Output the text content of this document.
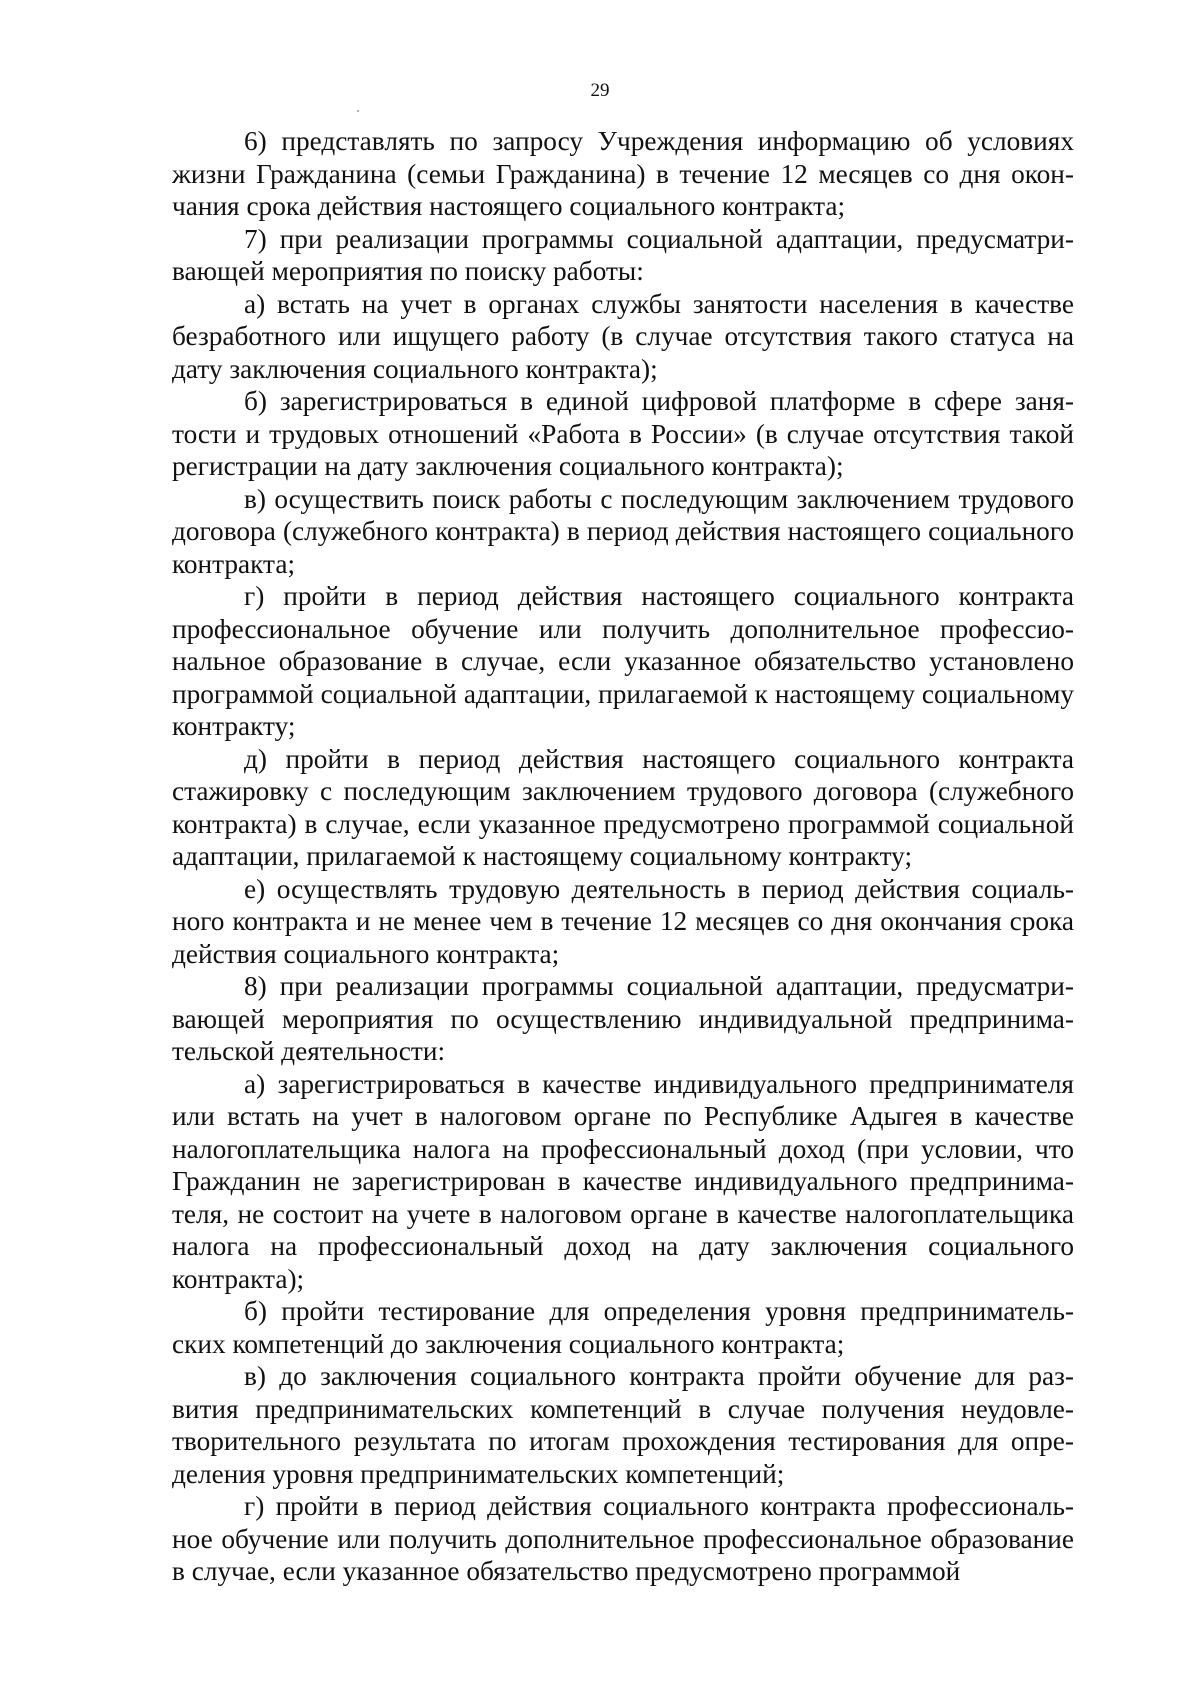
29

6) представлять по запросу Учреждения информацию об условиях жизни Гражданина (семьи Гражданина) в течение 12 месяцев со дня окончания срока действия настоящего социального контракта;

7) при реализации программы социальной адаптации, предусматривающей мероприятия по поиску работы:

а) встать на учет в органах службы занятости населения в качестве безработного или ищущего работу (в случае отсутствия такого статуса на дату заключения социального контракта);

б) зарегистрироваться в единой цифровой платформе в сфере занятости и трудовых отношений «Работа в России» (в случае отсутствия такой регистрации на дату заключения социального контракта);

в) осуществить поиск работы с последующим заключением трудового договора (служебного контракта) в период действия настоящего социального контракта;

г) пройти в период действия настоящего социального контракта профессиональное обучение или получить дополнительное профессиональное образование в случае, если указанное обязательство установлено программой социальной адаптации, прилагаемой к настоящему социальному контракту;

д) пройти в период действия настоящего социального контракта стажировку с последующим заключением трудового договора (служебного контракта) в случае, если указанное предусмотрено программой социальной адаптации, прилагаемой к настоящему социальному контракту;

е) осуществлять трудовую деятельность в период действия социального контракта и не менее чем в течение 12 месяцев со дня окончания срока действия социального контракта;

8) при реализации программы социальной адаптации, предусматривающей мероприятия по осуществлению индивидуальной предпринимательской деятельности:

а) зарегистрироваться в качестве индивидуального предпринимателя или встать на учет в налоговом органе по Республике Адыгея в качестве налогоплательщика налога на профессиональный доход (при условии, что Гражданин не зарегистрирован в качестве индивидуального предпринимателя, не состоит на учете в налоговом органе в качестве налогоплательщика налога на профессиональный доход на дату заключения социального контракта);

б) пройти тестирование для определения уровня предпринимательских компетенций до заключения социального контракта;

в) до заключения социального контракта пройти обучение для развития предпринимательских компетенций в случае получения неудовлетворительного результата по итогам прохождения тестирования для определения уровня предпринимательских компетенций;

г) пройти в период действия социального контракта профессиональное обучение или получить дополнительное профессиональное образование в случае, если указанное обязательство предусмотрено программой
